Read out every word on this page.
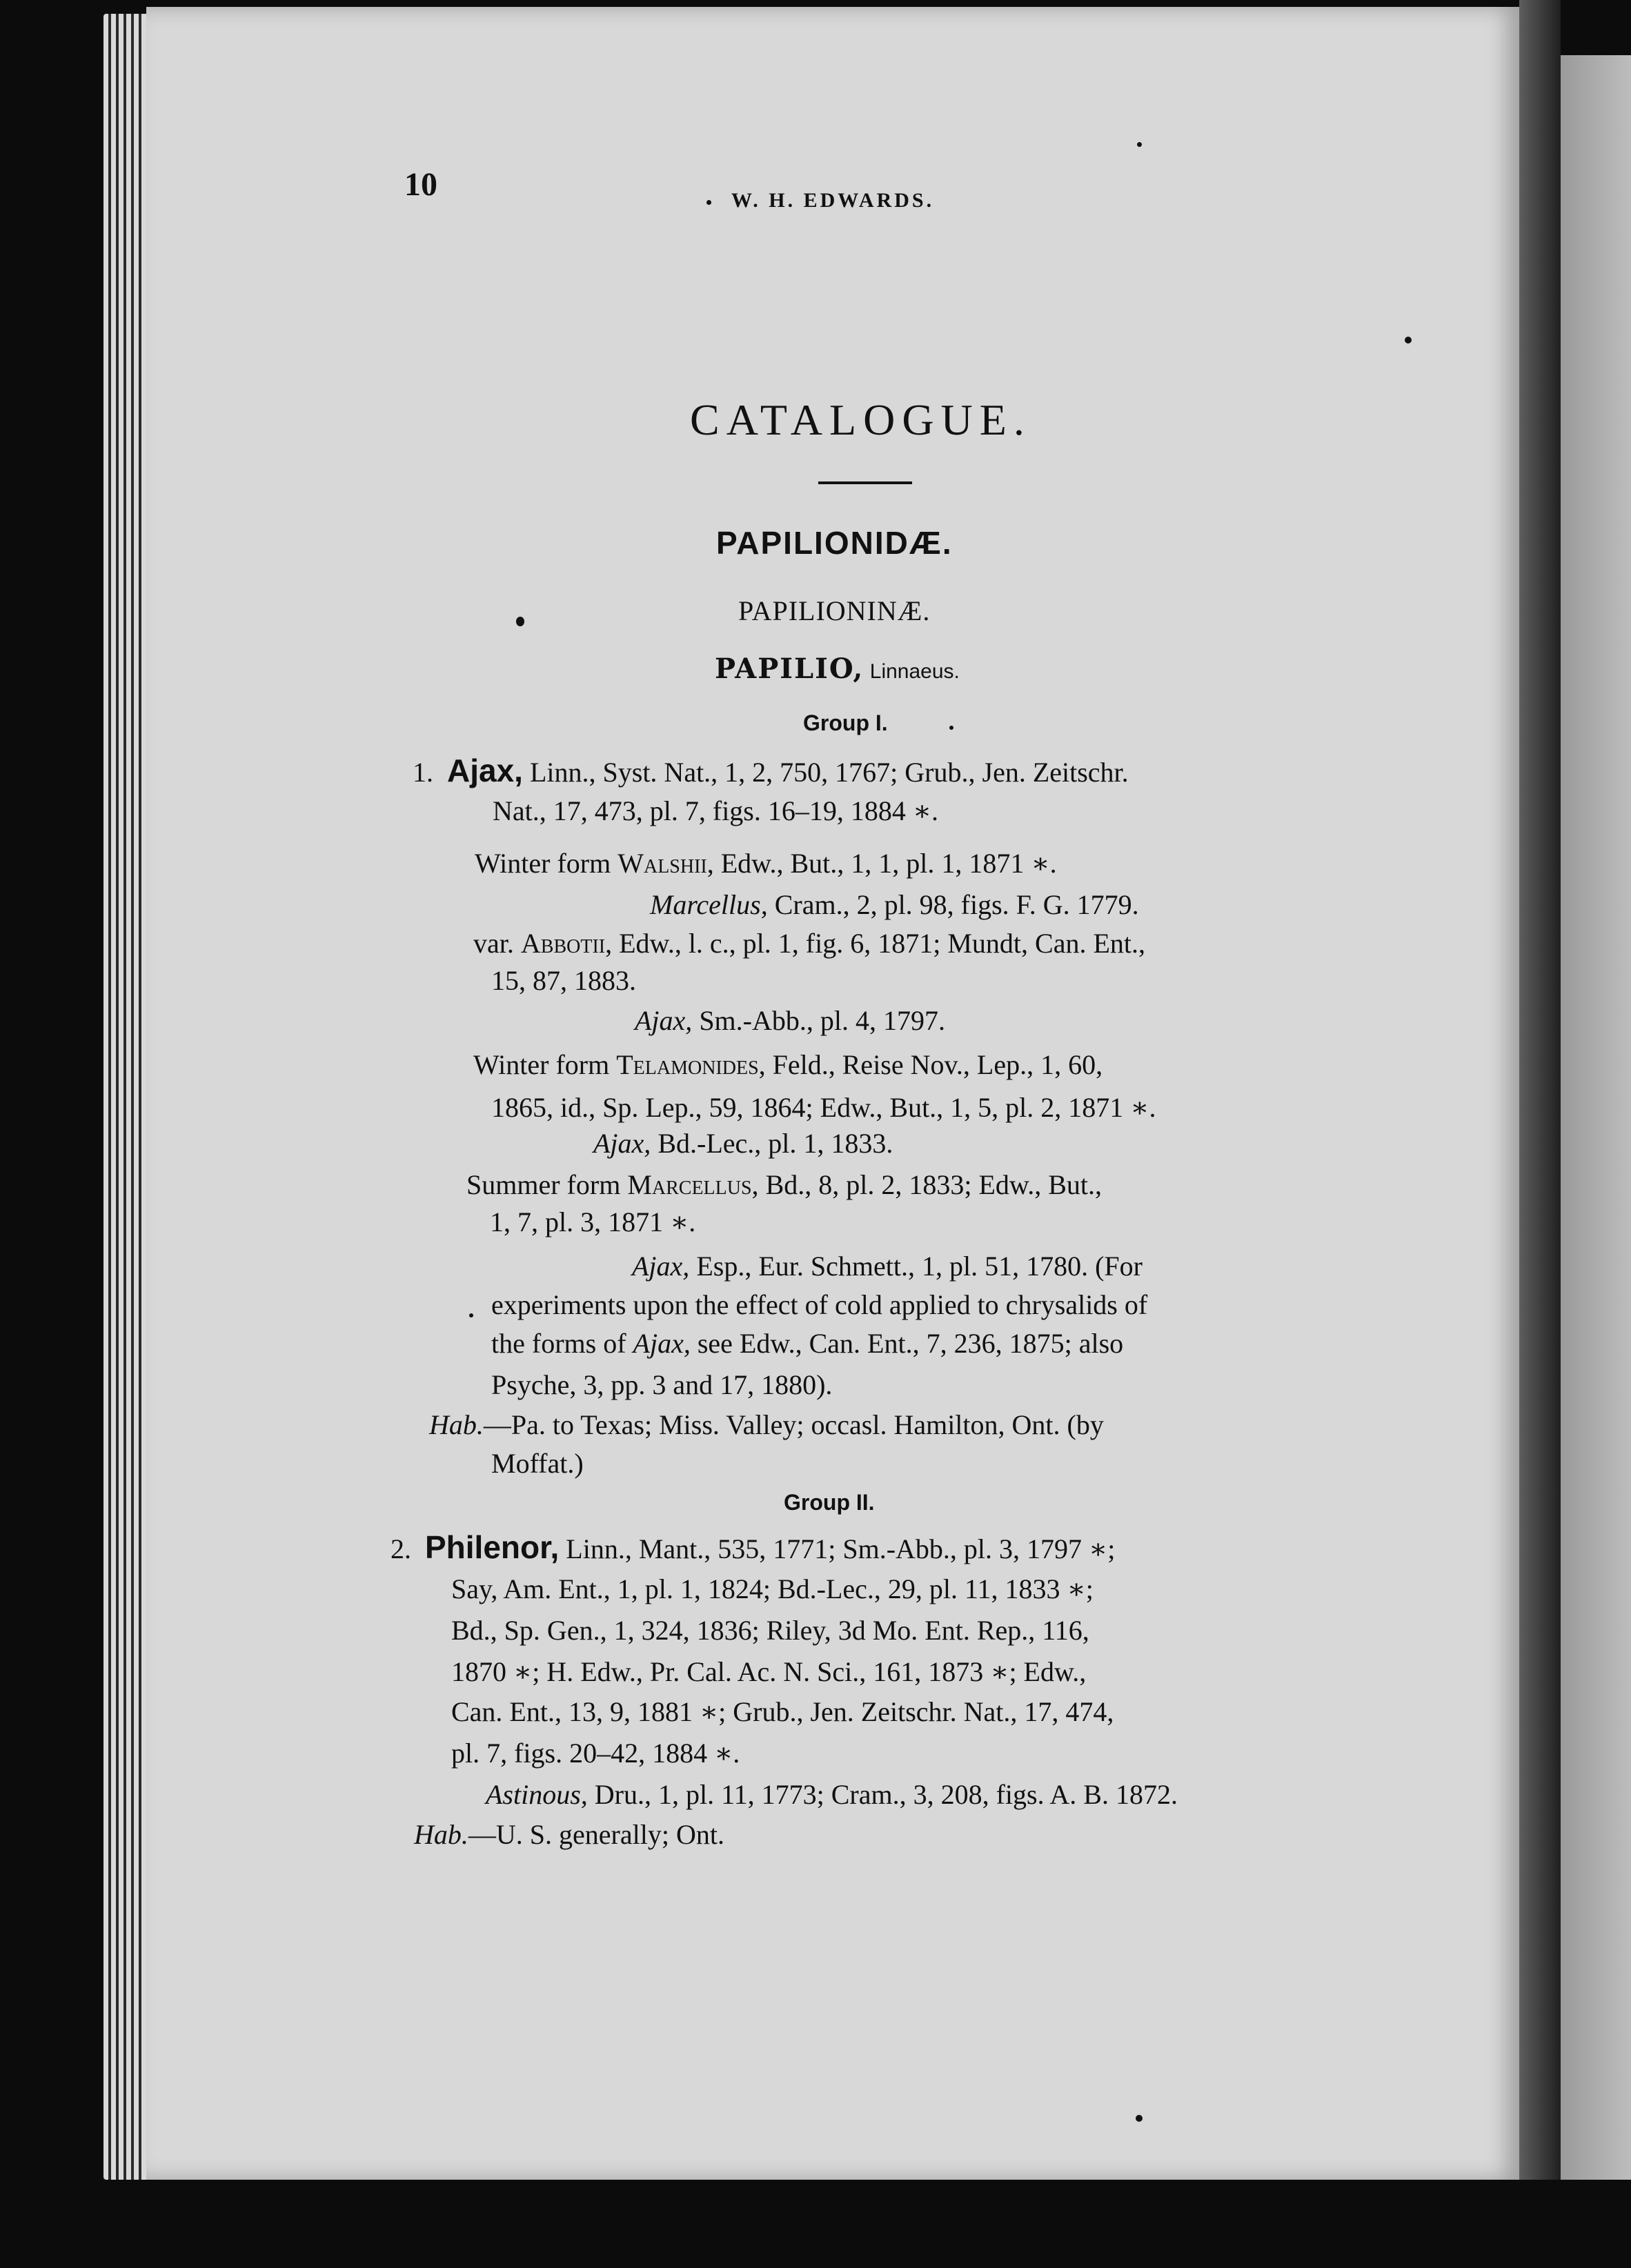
10	W. H. EDWARDS.
CATALOGUE.
PAPILIONIDÆ.
PAPILIONINÆ.
PAPILIO, Linnaeus.
Group I.
1. Ajax, Linn., Syst. Nat., 1, 2, 750, 1767; Grub., Jen. Zeitschr.
Nat., 17, 473, pl. 7, figs. 16–19, 1884 ∗.
Winter form Walshii, Edw., But., 1, 1, pl. 1, 1871 ∗.
Marcellus, Cram., 2, pl. 98, figs. F. G. 1779.
var. Abbotii, Edw., l. c., pl. 1, fig. 6, 1871; Mundt, Can. Ent.,
15, 87, 1883.
Ajax, Sm.-Abb., pl. 4, 1797.
Winter form Telamonides, Feld., Reise Nov., Lep., 1, 60,
1865, id., Sp. Lep., 59, 1864; Edw., But., 1, 5, pl. 2, 1871 ∗.
Ajax, Bd.-Lec., pl. 1, 1833.
Summer form Marcellus, Bd., 8, pl. 2, 1833; Edw., But.,
1, 7, pl. 3, 1871 ∗.
Ajax, Esp., Eur. Schmett., 1, pl. 51, 1780. (For
experiments upon the effect of cold applied to chrysalids of
the forms of Ajax, see Edw., Can. Ent., 7, 236, 1875; also
Psyche, 3, pp. 3 and 17, 1880).
Hab.—Pa. to Texas; Miss. Valley; occasl. Hamilton, Ont. (by
Moffat.)
Group II.
2. Philenor, Linn., Mant., 535, 1771; Sm.-Abb., pl. 3, 1797 ∗;
Say, Am. Ent., 1, pl. 1, 1824; Bd.-Lec., 29, pl. 11, 1833 ∗;
Bd., Sp. Gen., 1, 324, 1836; Riley, 3d Mo. Ent. Rep., 116,
1870 ∗; H. Edw., Pr. Cal. Ac. N. Sci., 161, 1873 ∗; Edw.,
Can. Ent., 13, 9, 1881 ∗; Grub., Jen. Zeitschr. Nat., 17, 474,
pl. 7, figs. 20–42, 1884 ∗.
Astinous, Dru., 1, pl. 11, 1773; Cram., 3, 208, figs. A. B. 1872.
Hab.—U. S. generally; Ont.
